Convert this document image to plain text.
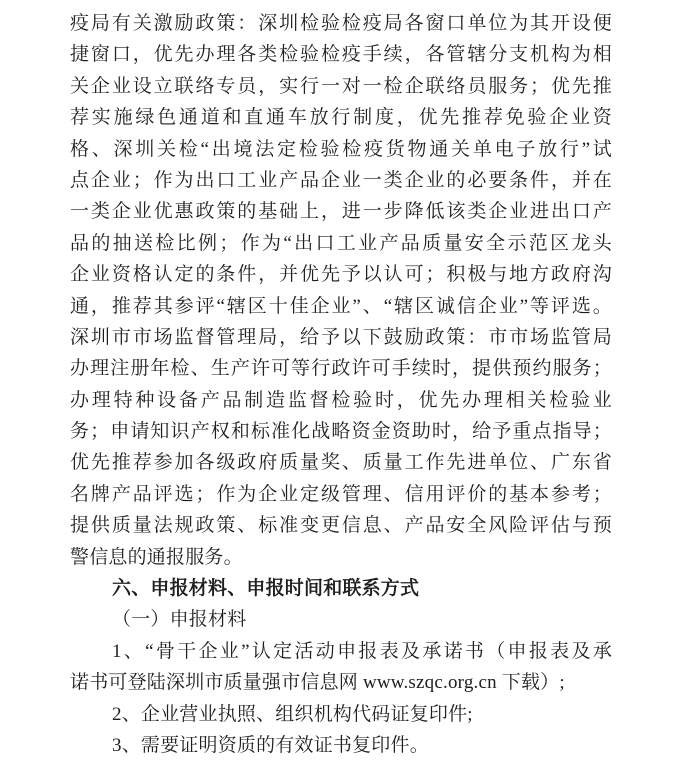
疫局有关激励政策：深圳检验检疫局各窗口单位为其开设便
捷窗口，优先办理各类检验检疫手续，各管辖分支机构为相
关企业设立联络专员，实行一对一检企联络员服务；优先推
荐实施绿色通道和直通车放行制度，优先推荐免验企业资
格、深圳关检“出境法定检验检疫货物通关单电子放行”试
点企业；作为出口工业产品企业一类企业的必要条件，并在
一类企业优惠政策的基础上，进一步降低该类企业进出口产
品的抽送检比例；作为“出口工业产品质量安全示范区龙头
企业资格认定的条件，并优先予以认可；积极与地方政府沟
通，推荐其参评“辖区十佳企业”、“辖区诚信企业”等评选。
深圳市市场监督管理局，给予以下鼓励政策：市市场监管局
办理注册年检、生产许可等行政许可手续时，提供预约服务；
办理特种设备产品制造监督检验时，优先办理相关检验业
务；申请知识产权和标准化战略资金资助时，给予重点指导；
优先推荐参加各级政府质量奖、质量工作先进单位、广东省
名牌产品评选；作为企业定级管理、信用评价的基本参考；
提供质量法规政策、标准变更信息、产品安全风险评估与预
警信息的通报服务。
六、申报材料、申报时间和联系方式
（一）申报材料
1、“骨干企业”认定活动申报表及承诺书（申报表及承
诺书可登陆深圳市质量强市信息网 www.szqc.org.cn 下载）;
2、企业营业执照、组织机构代码证复印件;
3、需要证明资质的有效证书复印件。
